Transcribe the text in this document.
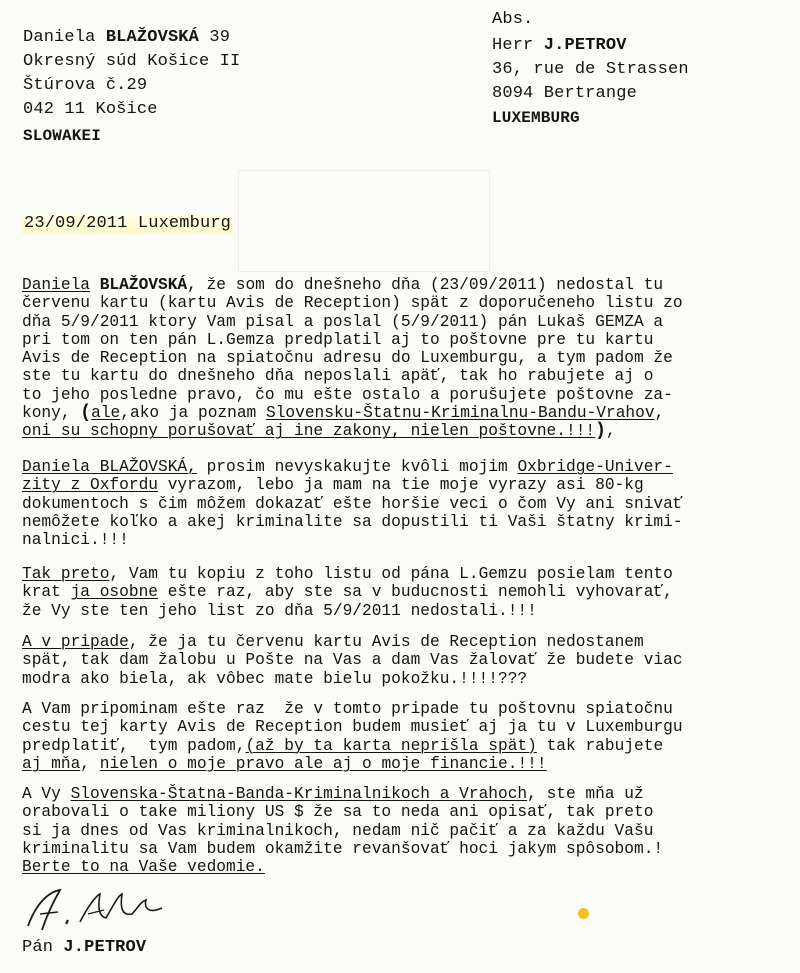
Daniela BLAŽOVSKÁ 39
Okresný súd Košice II
Štúrova č.29
042 11 Košice
SLOWAKEI
Abs.
Herr J.PETROV
36, rue de Strassen
8094 Bertrange
LUXEMBURG
23/09/2011 Luxemburg
Daniela BLAŽOVSKÁ, že som do dnešneho dňa (23/09/2011) nedostal tu
červenu kartu (kartu Avis de Reception) spät z doporučeneho listu zo
dňa 5/9/2011 ktory Vam pisal a poslal (5/9/2011) pán Lukaš GEMZA a
pri tom on ten pán L.Gemza predplatil aj to poštovne pre tu kartu
Avis de Reception na spiatočnu adresu do Luxemburgu, a tym padom že
ste tu kartu do dnešneho dňa neposlali apäť, tak ho rabujete aj o
to jeho posledne pravo, čo mu ešte ostalo a porušujete poštovne za-
kony, (ale,ako ja poznam Slovensku-Štatnu-Kriminalnu-Bandu-Vrahov,
oni su schopny porušovať aj ine zakony, nielen poštovne.!!!),
Daniela BLAŽOVSKÁ, prosim nevyskakujte kvôli mojim Oxbridge-Univer-
zity z Oxfordu vyrazom, lebo ja mam na tie moje vyrazy asi 80-kg
dokumentoch s čim môžem dokazať ešte horšie veci o čom Vy ani snivať
nemôžete koľko a akej kriminalite sa dopustili ti Vaši štatny krimi-
nalnici.!!!
Tak preto, Vam tu kopiu z toho listu od pána L.Gemzu posielam tento
krat ja osobne ešte raz, aby ste sa v buducnosti nemohli vyhovarať,
že Vy ste ten jeho list zo dňa 5/9/2011 nedostali.!!!
A v pripade, že ja tu červenu kartu Avis de Reception nedostanem
spät, tak dam žalobu u Pošte na Vas a dam Vas žalovať že budete viac
modra ako biela, ak vôbec mate bielu pokožku.!!!!???
A Vam pripominam ešte raz  že v tomto pripade tu poštovnu spiatočnu
cestu tej karty Avis de Reception budem musieť aj ja tu v Luxemburgu
predplatiť,  tym padom,(až by ta karta neprišla spät) tak rabujete
aj mňa, nielen o moje pravo ale aj o moje financie.!!!
A Vy Slovenska-Štatna-Banda-Kriminalnikoch a Vrahoch, ste mňa už
orabovali o take miliony US $ že sa to neda ani opisať, tak preto
si ja dnes od Vas kriminalnikoch, nedam nič pačiť a za každu Vašu
kriminalitu sa Vam budem okamžite revanšovať hoci jakym spôsobom.!
Berte to na Vaše vedomie.
Pán J.PETROV
